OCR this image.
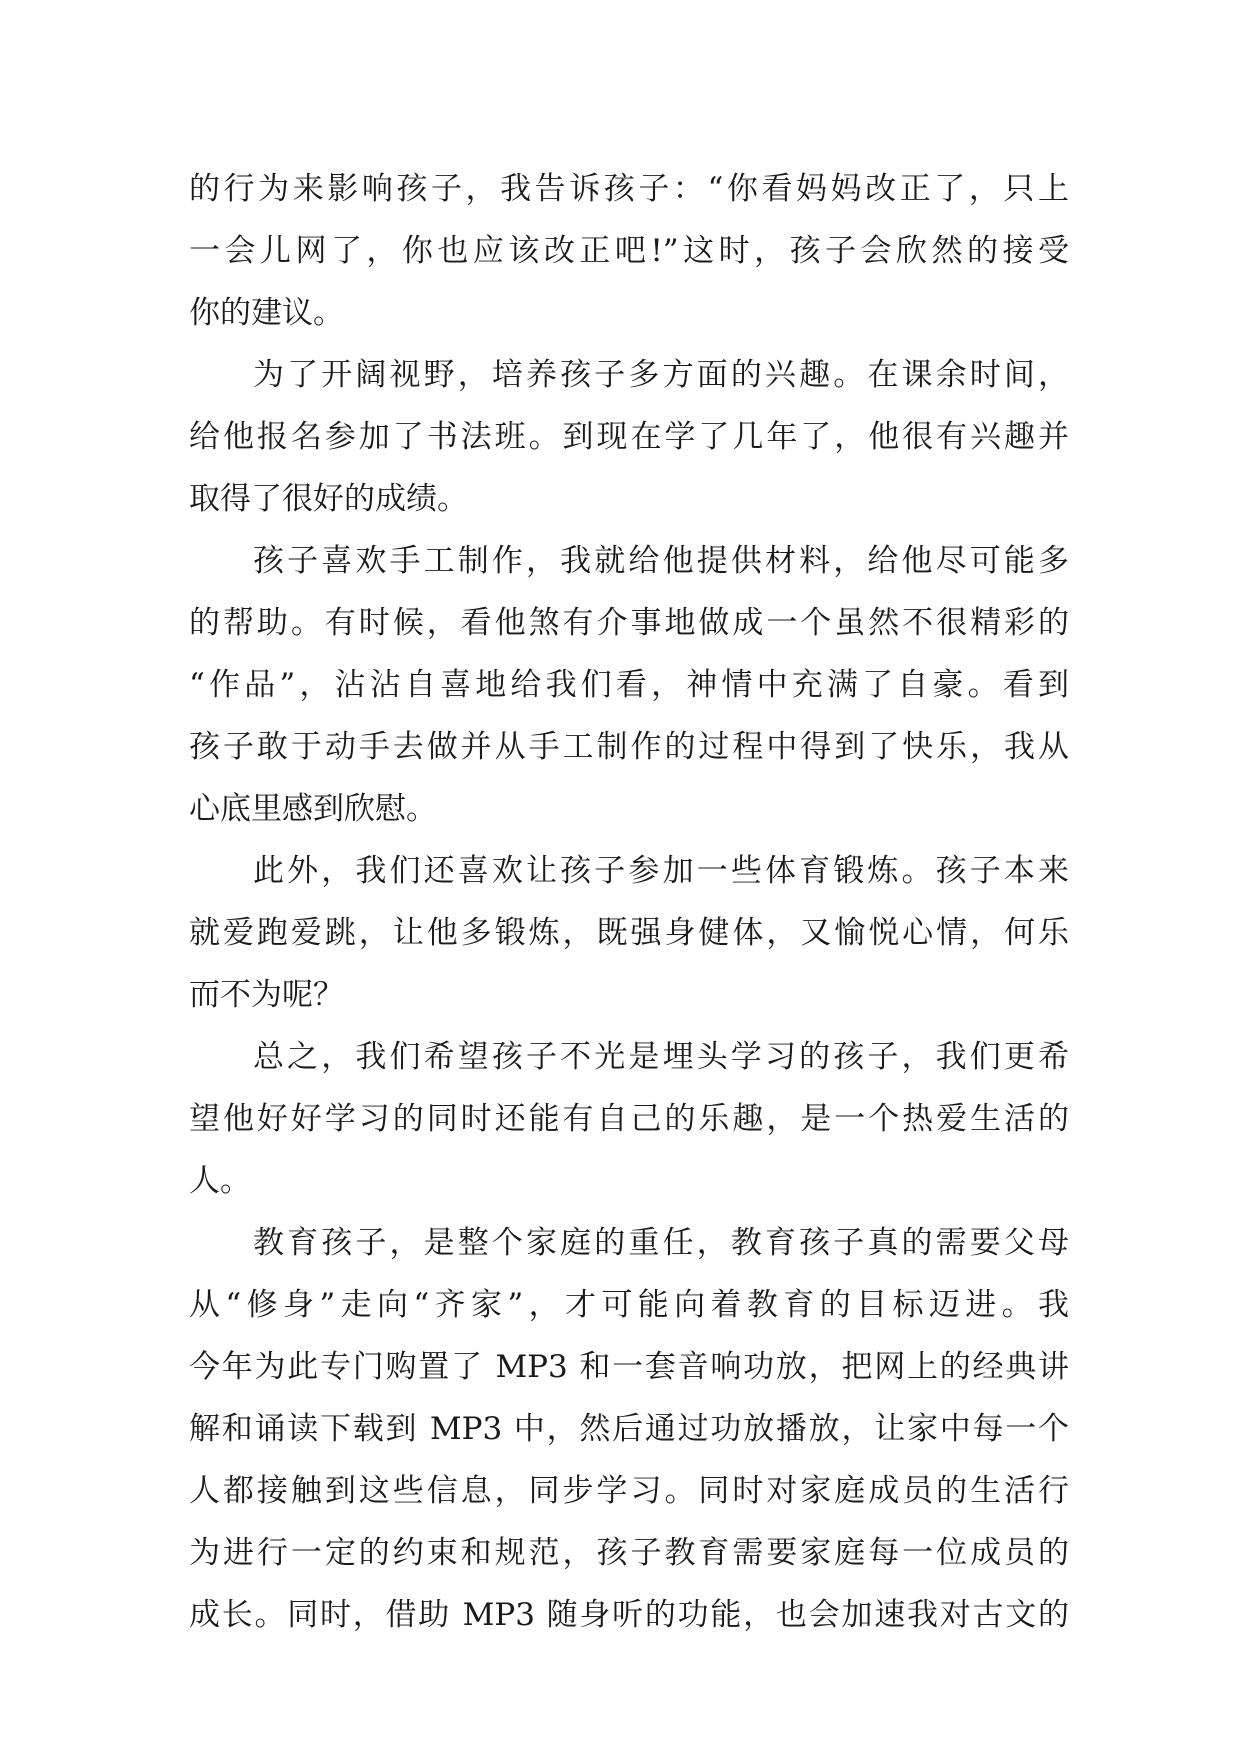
的行为来影响孩子，我告诉孩子：“你看妈妈改正了，只上
一会儿网了，你也应该改正吧!”这时，孩子会欣然的接受
你的建议。
为了开阔视野，培养孩子多方面的兴趣。在课余时间，
给他报名参加了书法班。到现在学了几年了，他很有兴趣并
取得了很好的成绩。
孩子喜欢手工制作，我就给他提供材料，给他尽可能多
的帮助。有时候，看他煞有介事地做成一个虽然不很精彩的
“作品”，沾沾自喜地给我们看，神情中充满了自豪。看到
孩子敢于动手去做并从手工制作的过程中得到了快乐，我从
心底里感到欣慰。
此外，我们还喜欢让孩子参加一些体育锻炼。孩子本来
就爱跑爱跳，让他多锻炼，既强身健体，又愉悦心情，何乐
而不为呢？
总之，我们希望孩子不光是埋头学习的孩子，我们更希
望他好好学习的同时还能有自己的乐趣，是一个热爱生活的
人。
教育孩子，是整个家庭的重任，教育孩子真的需要父母
从“修身”走向“齐家”，才可能向着教育的目标迈进。我
今年为此专门购置了 MP3 和一套音响功放，把网上的经典讲
解和诵读下载到 MP3 中，然后通过功放播放，让家中每一个
人都接触到这些信息，同步学习。同时对家庭成员的生活行
为进行一定的约束和规范，孩子教育需要家庭每一位成员的
成长。同时，借助 MP3 随身听的功能，也会加速我对古文的
